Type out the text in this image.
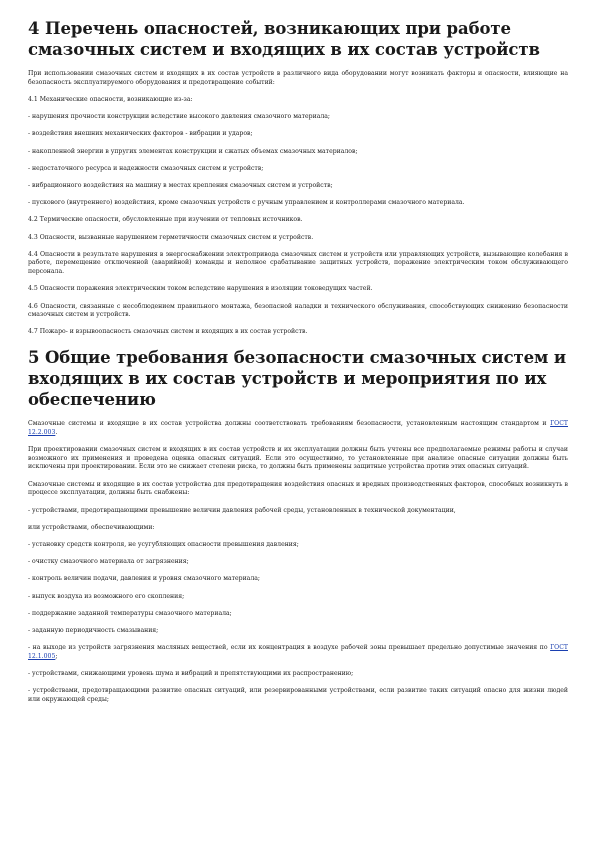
4 Перечень опасностей, возникающих при работе смазочных систем и входящих в их состав устройств

При использовании смазочных систем и входящих в их состав устройств в различного вида оборудовании могут возникать факторы и опасности, влияющие на безопасность эксплуатируемого оборудования и предотвращение событий:

4.1 Механические опасности, возникающие из-за:

- нарушения прочности конструкции вследствие высокого давления смазочного материала;

- воздействия внешних механических факторов - вибрации и ударов;

- накопленной энергии в упругих элементах конструкции и сжатых объемах смазочных материалов;

- недостаточного ресурса и надежности смазочных систем и устройств;

- вибрационного воздействия на машину в местах крепления смазочных систем и устройств;

- пускового (внутреннего) воздействия, кроме смазочных устройств с ручным управлением и контроллерами смазочного материала.

4.2 Термические опасности, обусловленные при изучении от тепловых источников.

4.3 Опасности, вызванные нарушением герметичности смазочных систем и устройств.

4.4 Опасности в результате нарушения в энергоснабжении электропривода смазочных систем и устройств или управляющих устройств, вызывающие колебания в работе, перемещение отключенной (аварийной) команды и неполное срабатывание защитных устройств, поражение электрическим током обслуживающего персонала.

4.5 Опасности поражения электрическим током вследствие нарушения в изоляции токоведущих частей.

4.6 Опасности, связанные с несоблюдением правильного монтажа, безопасной наладки и технического обслуживания, способствующих снижению безопасности смазочных систем и устройств.

4.7 Пожаро- и взрывоопасность смазочных систем и входящих в их состав устройств.

5 Общие требования безопасности смазочных систем и входящих в их состав устройств и мероприятия по их обеспечению

Смазочные системы и входящие в их состав устройства должны соответствовать требованиям безопасности, установленным настоящим стандартом и ГОСТ 12.2.003.

При проектировании смазочных систем и входящих в их состав устройств и их эксплуатации должны быть учтены все предполагаемые режимы работы и случаи возможного их применения и проведена оценка опасных ситуаций. Если это осуществимо, то установленные при анализе опасные ситуации должны быть исключены при проектировании. Если это не снижает степени риска, то должны быть применены защитные устройства против этих опасных ситуаций.

Смазочные системы и входящие в их состав устройства для предотвращения воздействия опасных и вредных производственных факторов, способных возникнуть в процессе эксплуатации, должны быть снабжены:

- устройствами, предотвращающими превышение величин давления рабочей среды, установленных в технической документации,

или устройствами, обеспечивающими:

- установку средств контроля, не усугубляющих опасности превышения давления;

- очистку смазочного материала от загрязнения;

- контроль величин подачи, давления и уровня смазочного материала;

- выпуск воздуха из возможного его скопления;

- поддержание заданной температуры смазочного материала;

- заданную периодичность смазывания;

- на выходе из устройств загрязнения масляных веществей, если их концентрация в воздухе рабочей зоны превышает предельно допустимые значения по ГОСТ 12.1.005;

- устройствами, снижающими уровень шума и вибраций и препятствующими их распространению;

- устройствами, предотвращающими развитие опасных ситуаций, или резервированными устройствами, если развитие таких ситуаций опасно для жизни людей или окружающей среды;
